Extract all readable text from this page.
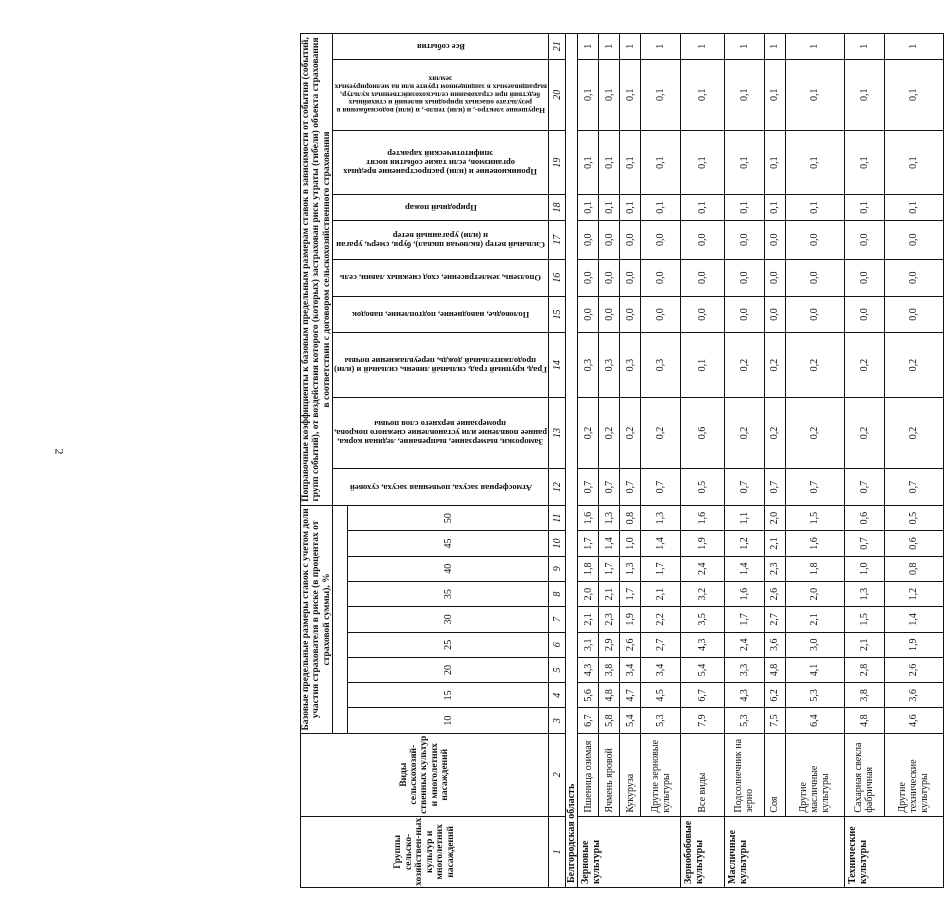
2
Группы сельско-хозяйствен-ных культур и многолетних насаждений	Виды сельскохозяй-ственных культур и многолетних насаждений	Базовые предельные размеры ставок с учетом доли участия страхователя в риске (в процентах от страховой суммы), %									Поправочные коэффициенты к базовым предельным размерам ставок в зависимости от события (событий, групп событий), от воздействия которого (которых) застрахован риск утраты (гибели) объекта страхования в соответствии с договором сельскохозяйственного страхования									

											Атмосферная засуха, почвенная засуха, суховей	Заморозки, вымерзание, выпревание, ледяная корка, раннее появление или установление снежного покрова, промерзание верхнего слоя почвы	Град, крупный град, сильный ливень, сильный и (или) продолжительный дождь, переувлажнение почвы	Половодье, наводнение, подтопление, паводок	Оползень, землетрясение, сход снежных лавин, сель	Сильный ветер (включая шквал), буря, смерч, ураган и (или) ураганный ветер	Природный пожар	Проникновение и (или) распространение вредных организмов, если такие события носят эпифитотический характер	Нарушение электро-, и (или) тепло-, и (или) водоснабжения в результате опасных природных явлений и стихийных бедствий при страховании сельскохозяйственных культур, выращиваемых в защищенном грунте или на мелиорируемых землях	Все события

		10	15	20	25	30	35	40	45	50										
1	2	3	4	5	6	7	8	9	10	11	12	13	14	15	16	17	18	19	20	21
Белгородская область																				
Зерновые культуры	Пшеница озимая	6,7	5,6	4,3	3,1	2,1	2,0	1,8	1,7	1,6	0,7	0,2	0,3	0,0	0,0	0,0	0,1	0,1	0,1	1
	Ячмень яровой	5,8	4,8	3,8	2,9	2,3	2,1	1,7	1,4	1,3	0,7	0,2	0,3	0,0	0,0	0,0	0,1	0,1	0,1	1
	Кукуруза	5,4	4,7	3,4	2,6	1,9	1,7	1,3	1,0	0,8	0,7	0,2	0,3	0,0	0,0	0,0	0,1	0,1	0,1	1
	Другие зерновые культуры	5,3	4,5	3,4	2,7	2,2	2,1	1,7	1,4	1,3	0,7	0,2	0,3	0,0	0,0	0,0	0,1	0,1	0,1	1
Зернобобовые культуры	Все виды	7,9	6,7	5,4	4,3	3,5	3,2	2,4	1,9	1,6	0,5	0,6	0,1	0,0	0,0	0,0	0,1	0,1	0,1	1
Масличные культуры	Подсолнечник на зерно	5,3	4,3	3,3	2,4	1,7	1,6	1,4	1,2	1,1	0,7	0,2	0,2	0,0	0,0	0,0	0,1	0,1	0,1	1
	Соя	7,5	6,2	4,8	3,6	2,7	2,6	2,3	2,1	2,0	0,7	0,2	0,2	0,0	0,0	0,0	0,1	0,1	0,1	1
	Другие масличные культуры	6,4	5,3	4,1	3,0	2,1	2,0	1,8	1,6	1,5	0,7	0,2	0,2	0,0	0,0	0,0	0,1	0,1	0,1	1
Технические культуры	Сахарная свекла фабричная	4,8	3,8	2,8	2,1	1,5	1,3	1,0	0,7	0,6	0,7	0,2	0,2	0,0	0,0	0,0	0,1	0,1	0,1	1
	Другие технические культуры	4,6	3,6	2,6	1,9	1,4	1,2	0,8	0,6	0,5	0,7	0,2	0,2	0,0	0,0	0,0	0,1	0,1	0,1	1
